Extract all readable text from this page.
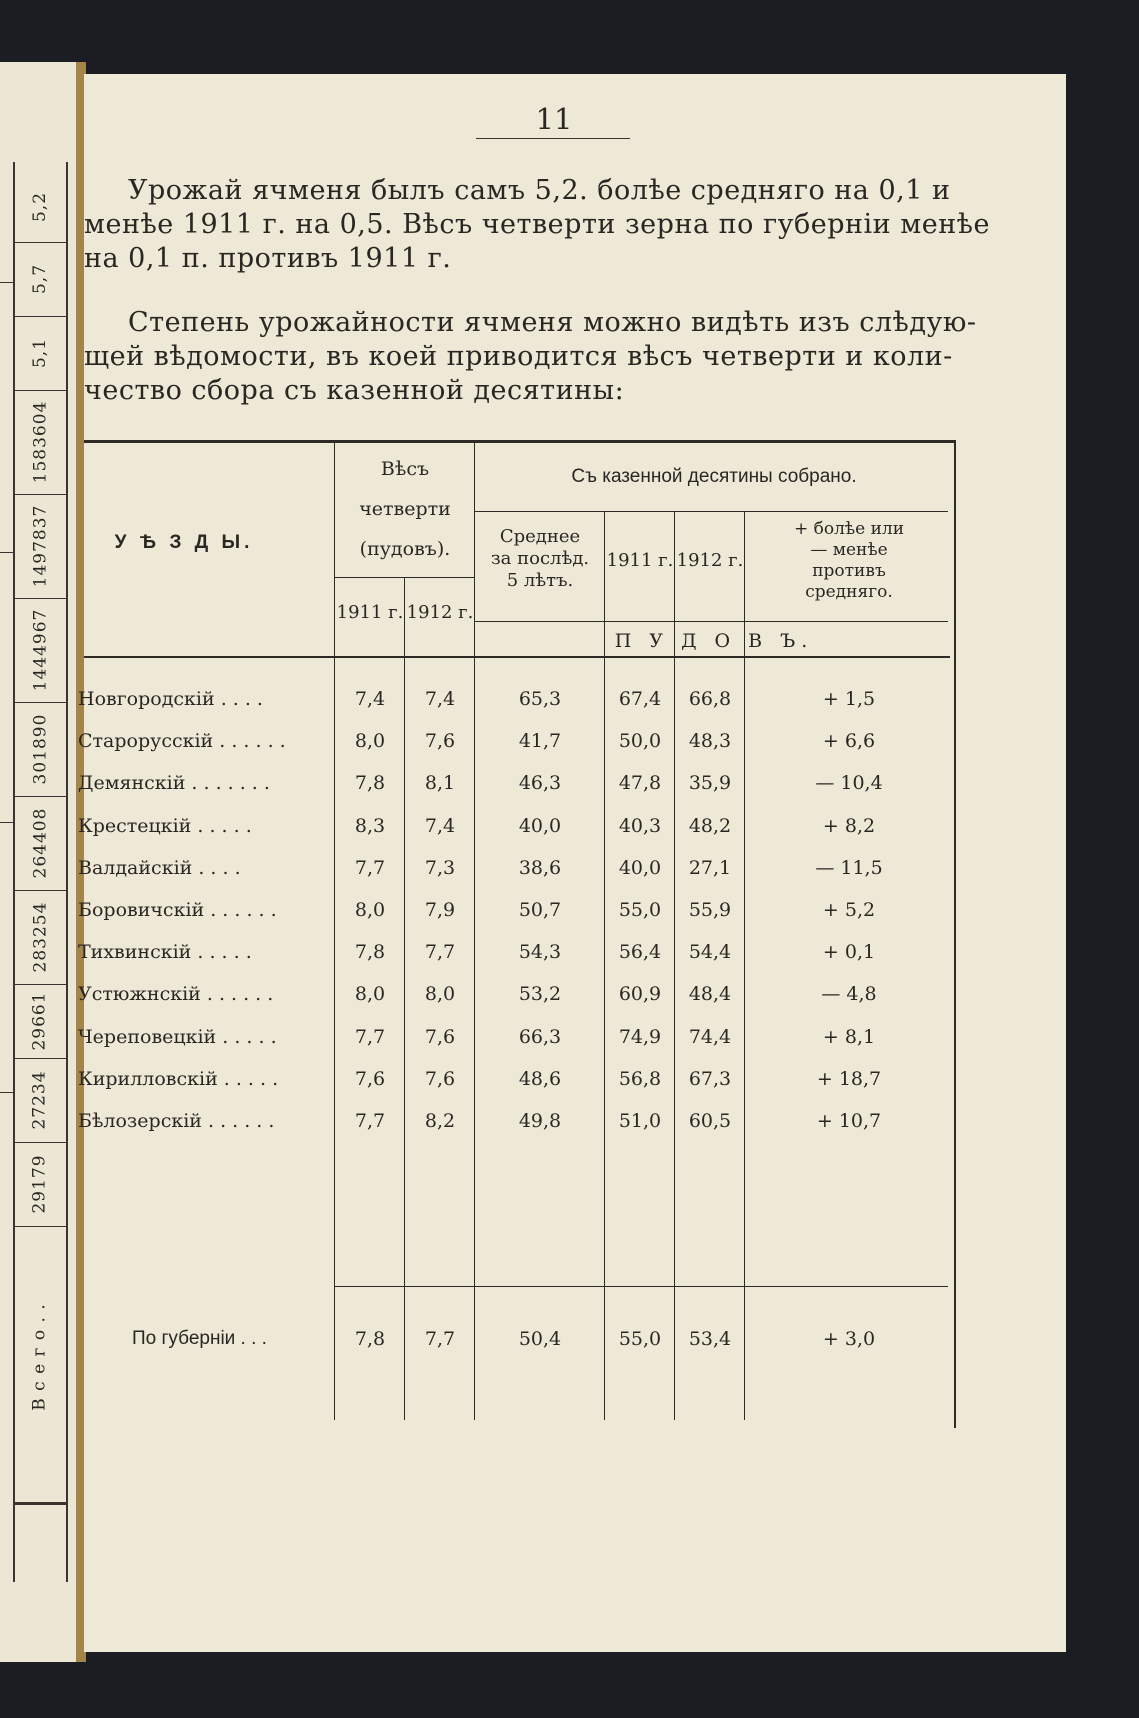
5,2
5,7
5,1
1583604
1497837
1444967
301890
264408
283254
29661
27234
29179
В с е г о . .
11
Урожай ячменя былъ самъ 5,2. болѣе средняго на 0,1 и
менѣе 1911 г. на 0,5. Вѣсъ четверти зерна по губерніи менѣе
на 0,1 п. противъ 1911 г.
Степень урожайности ячменя можно видѣть изъ слѣдую-
щей вѣдомости, въ коей приводится вѣсъ четверти и коли-
чество сбора съ казенной десятины:
У Ѣ З Д Ы.
Вѣсъ
четверти
(пудовъ).
1911 г. 1912 г.
Съ казенной десятины собрано.
Среднее
за послѣд.
5 лѣтъ.
1911 г. 1912 г.
+ болѣе или
— менѣе
противъ
средняго.
П У Д О В Ъ.
Новгородскій . . . .	7,4	7,4	65,3	67,4	66,8	+ 1,5
Старорусскій . . . . . .	8,0	7,6	41,7	50,0	48,3	+ 6,6
Демянскій . . . . . . .	7,8	8,1	46,3	47,8	35,9	— 10,4
Крестецкій . . . . .	8,3	7,4	40,0	40,3	48,2	+ 8,2
Валдайскій . . . .	7,7	7,3	38,6	40,0	27,1	— 11,5
Боровичскій . . . . . .	8,0	7,9	50,7	55,0	55,9	+ 5,2
Тихвинскій . . . . .	7,8	7,7	54,3	56,4	54,4	+ 0,1
Устюжнскій . . . . . .	8,0	8,0	53,2	60,9	48,4	— 4,8
Череповецкій . . . . .	7,7	7,6	66,3	74,9	74,4	+ 8,1
Кирилловскій . . . . .	7,6	7,6	48,6	56,8	67,3	+ 18,7
Бѣлозерскій . . . . . .	7,7	8,2	49,8	51,0	60,5	+ 10,7
По губерніи . . .	7,8	7,7	50,4	55,0	53,4	+ 3,0
